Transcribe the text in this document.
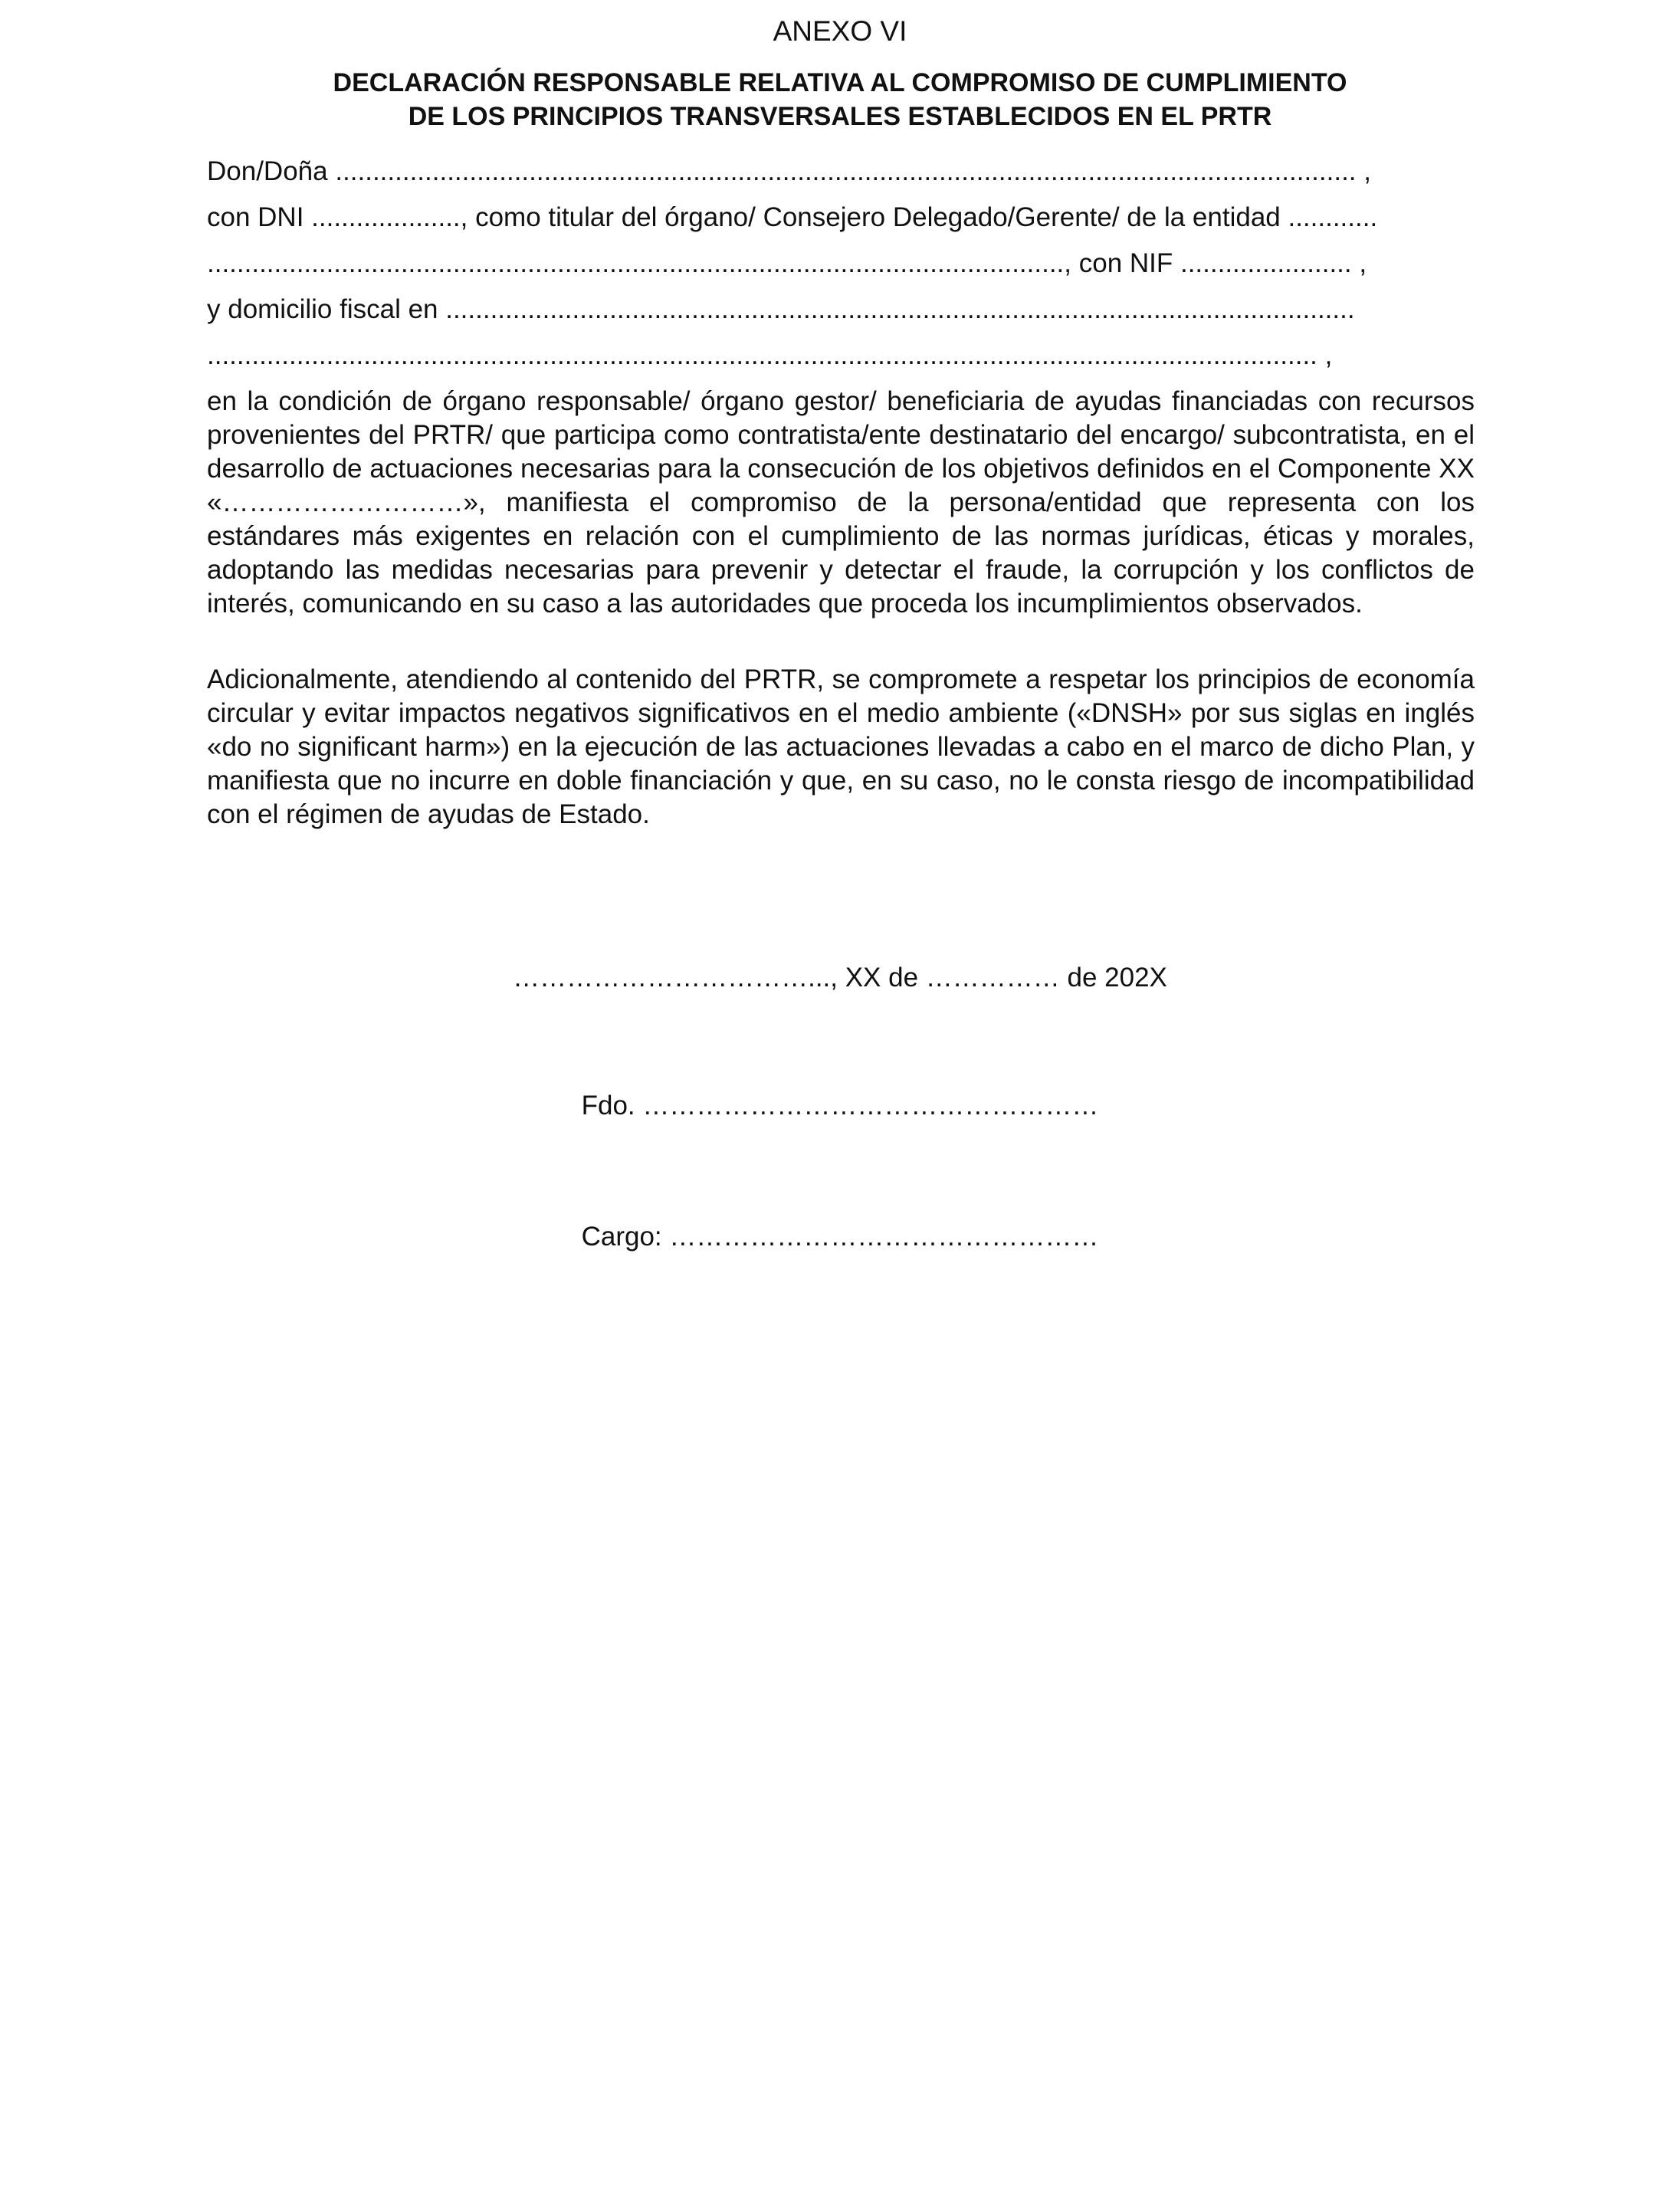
ANEXO VI
DECLARACIÓN RESPONSABLE RELATIVA AL COMPROMISO DE CUMPLIMIENTO
DE LOS PRINCIPIOS TRANSVERSALES ESTABLECIDOS EN EL PRTR
Don/Doña ......................................................................................................................................... ,
con DNI ...................., como titular del órgano/ Consejero Delegado/Gerente/ de la entidad ............
..................................................................................................................., con NIF ....................... ,
y domicilio fiscal en ..........................................................................................................................
..................................................................................................................................................... ,

en la condición de órgano responsable/ órgano gestor/ beneficiaria de ayudas financiadas con recursos provenientes del PRTR/ que participa como contratista/ente destinatario del encargo/ subcontratista, en el desarrollo de actuaciones necesarias para la consecución de los objetivos definidos en el Componente XX «………………………», manifiesta el compromiso de la persona/entidad que representa con los estándares más exigentes en relación con el cumplimiento de las normas jurídicas, éticas y morales, adoptando las medidas necesarias para prevenir y detectar el fraude, la corrupción y los conflictos de interés, comunicando en su caso a las autoridades que proceda los incumplimientos observados.

Adicionalmente, atendiendo al contenido del PRTR, se compromete a respetar los principios de economía circular y evitar impactos negativos significativos en el medio ambiente («DNSH» por sus siglas en inglés «do no significant harm») en la ejecución de las actuaciones llevadas a cabo en el marco de dicho Plan, y manifiesta que no incurre en doble financiación y que, en su caso, no le consta riesgo de incompatibilidad con el régimen de ayudas de Estado.

……………………………..., XX de …………… de 202X
Fdo. ……………………………………………
Cargo: …………………………………………
